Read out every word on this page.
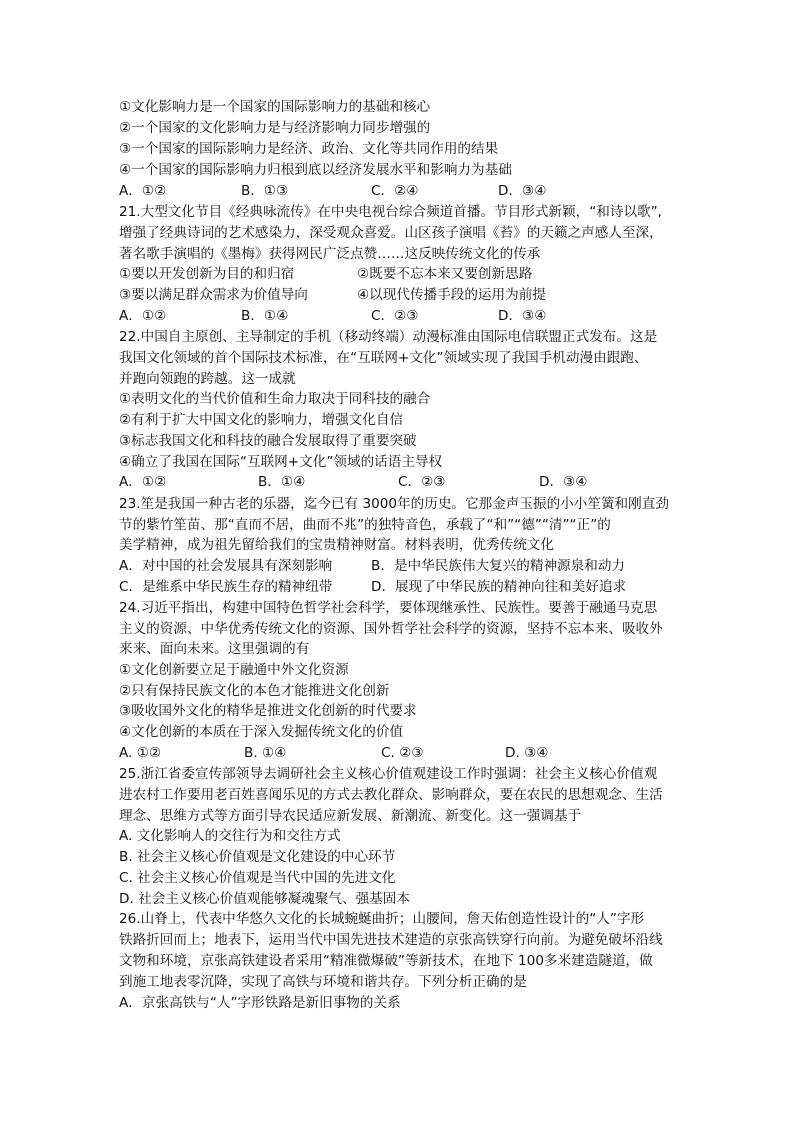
①文化影响力是一个国家的国际影响力的基础和核心
②一个国家的文化影响力是与经济影响力同步增强的
③一个国家的国际影响力是经济、政治、文化等共同作用的结果
④一个国家的国际影响力归根到底以经济发展水平和影响力为基础
A．①②	B．①③	C．②④	D．③④
21.大型文化节目《经典咏流传》在中央电视台综合频道首播。节目形式新颖，“和诗以歌”,
增强了经典诗词的艺术感染力，深受观众喜爱。山区孩子演唱《苔》的天籁之声感人至深，
著名歌手演唱的《墨梅》获得网民广泛点赞……这反映传统文化的传承
①要以开发创新为目的和归宿	②既要不忘本来又要创新思路
③要以满足群众需求为价值导向	④以现代传播手段的运用为前提
A．①②	B．①④	C．②③	D．③④
22.中国自主原创、主导制定的手机（移动终端）动漫标准由国际电信联盟正式发布。这是
我国文化领域的首个国际技术标准，在“互联网+文化”领域实现了我国手机动漫由跟跑、
并跑向领跑的跨越。这一成就
①表明文化的当代价值和生命力取决于同科技的融合
②有利于扩大中国文化的影响力，增强文化自信
③标志我国文化和科技的融合发展取得了重要突破
④确立了我国在国际“互联网+文化”领域的话语主导权
A．①②	B．①④	C．②③	D．③④
23.笙是我国一种古老的乐器，迄今已有 3000年的历史。它那金声玉振的小小笙簧和刚直劲
节的紫竹笙苗、那“直而不居，曲而不兆”的独特音色，承载了“和”“德”“清”“正”的
美学精神，成为祖先留给我们的宝贵精神财富。材料表明，优秀传统文化
A．对中国的社会发展具有深刻影响	B．是中华民族伟大复兴的精神源泉和动力
C．是维系中华民族生存的精神纽带	D．展现了中华民族的精神向往和美好追求
24.习近平指出，构建中国特色哲学社会科学，要体现继承性、民族性。要善于融通马克思
主义的资源、中华优秀传统文化的资源、国外哲学社会科学的资源，坚持不忘本来、吸收外
来来、面向未来。这里强调的有
①文化创新要立足于融通中外文化资源
②只有保持民族文化的本色才能推进文化创新
③吸收国外文化的精华是推进文化创新的时代要求
④文化创新的本质在于深入发掘传统文化的价值
A. ①②	B. ①④	C. ②③	D. ③④
25.浙江省委宣传部领导去调研社会主义核心价值观建设工作时强调：社会主义核心价值观
进农村工作要用老百姓喜闻乐见的方式去教化群众、影响群众，要在农民的思想观念、生活
理念、思维方式等方面引导农民适应新发展、新潮流、新变化。这一强调基于
A. 文化影响人的交往行为和交往方式
B. 社会主义核心价值观是文化建设的中心环节
C. 社会主义核心价值观是当代中国的先进文化
D. 社会主义核心价值观能够凝魂聚气、强基固本
26.山脊上，代表中华悠久文化的长城蜿蜒曲折；山腰间，詹天佑创造性设计的“人”字形
铁路折回而上；地表下，运用当代中国先进技术建造的京张高铁穿行向前。为避免破坏沿线
文物和环境，京张高铁建设者采用“精准微爆破”等新技术，在地下 100多米建造隧道，做
到施工地表零沉降，实现了高铁与环境和谐共存。下列分析正确的是
A．京张高铁与“人”字形铁路是新旧事物的关系
